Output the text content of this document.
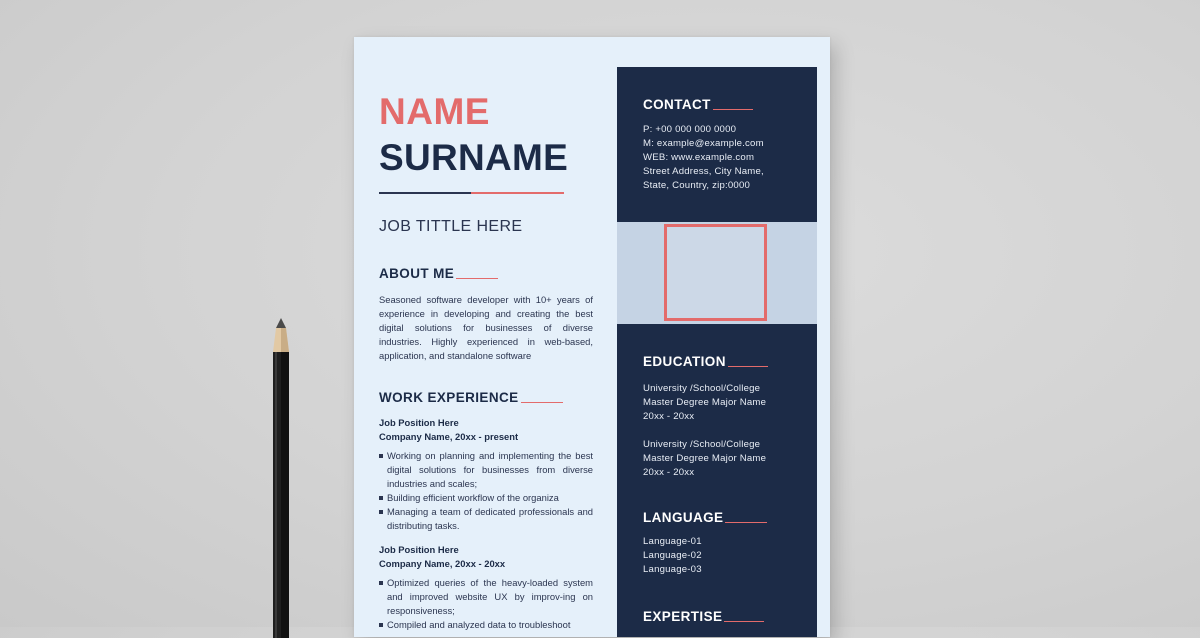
NAME
SURNAME
JOB TITTLE HERE
ABOUT ME
Seasoned software developer with 10+ years of experience in developing and creating the best digital solutions for businesses of diverse industries. Highly experienced in web-based, application, and standalone software
WORK EXPERIENCE
Job Position Here
Company Name, 20xx - present
Working on planning and implementing the best digital solutions for businesses from diverse industries and scales;
Building efficient workflow of the organiza
Managing a team of dedicated professionals and distributing tasks.
Job Position Here
Company Name, 20xx - 20xx
Optimized queries of the heavy-loaded system and improved website UX by improv-ing on responsiveness;
Compiled and analyzed data to troubleshoot
CONTACT
P: +00 000 000 0000
M: example@example.com
WEB: www.example.com
Street Address, City Name,
State, Country, zip:0000
EDUCATION
University /School/College
Master Degree Major Name
20xx - 20xx
University /School/College
Master Degree Major Name
20xx - 20xx
LANGUAGE
Language-01
Language-02
Language-03
EXPERTISE
